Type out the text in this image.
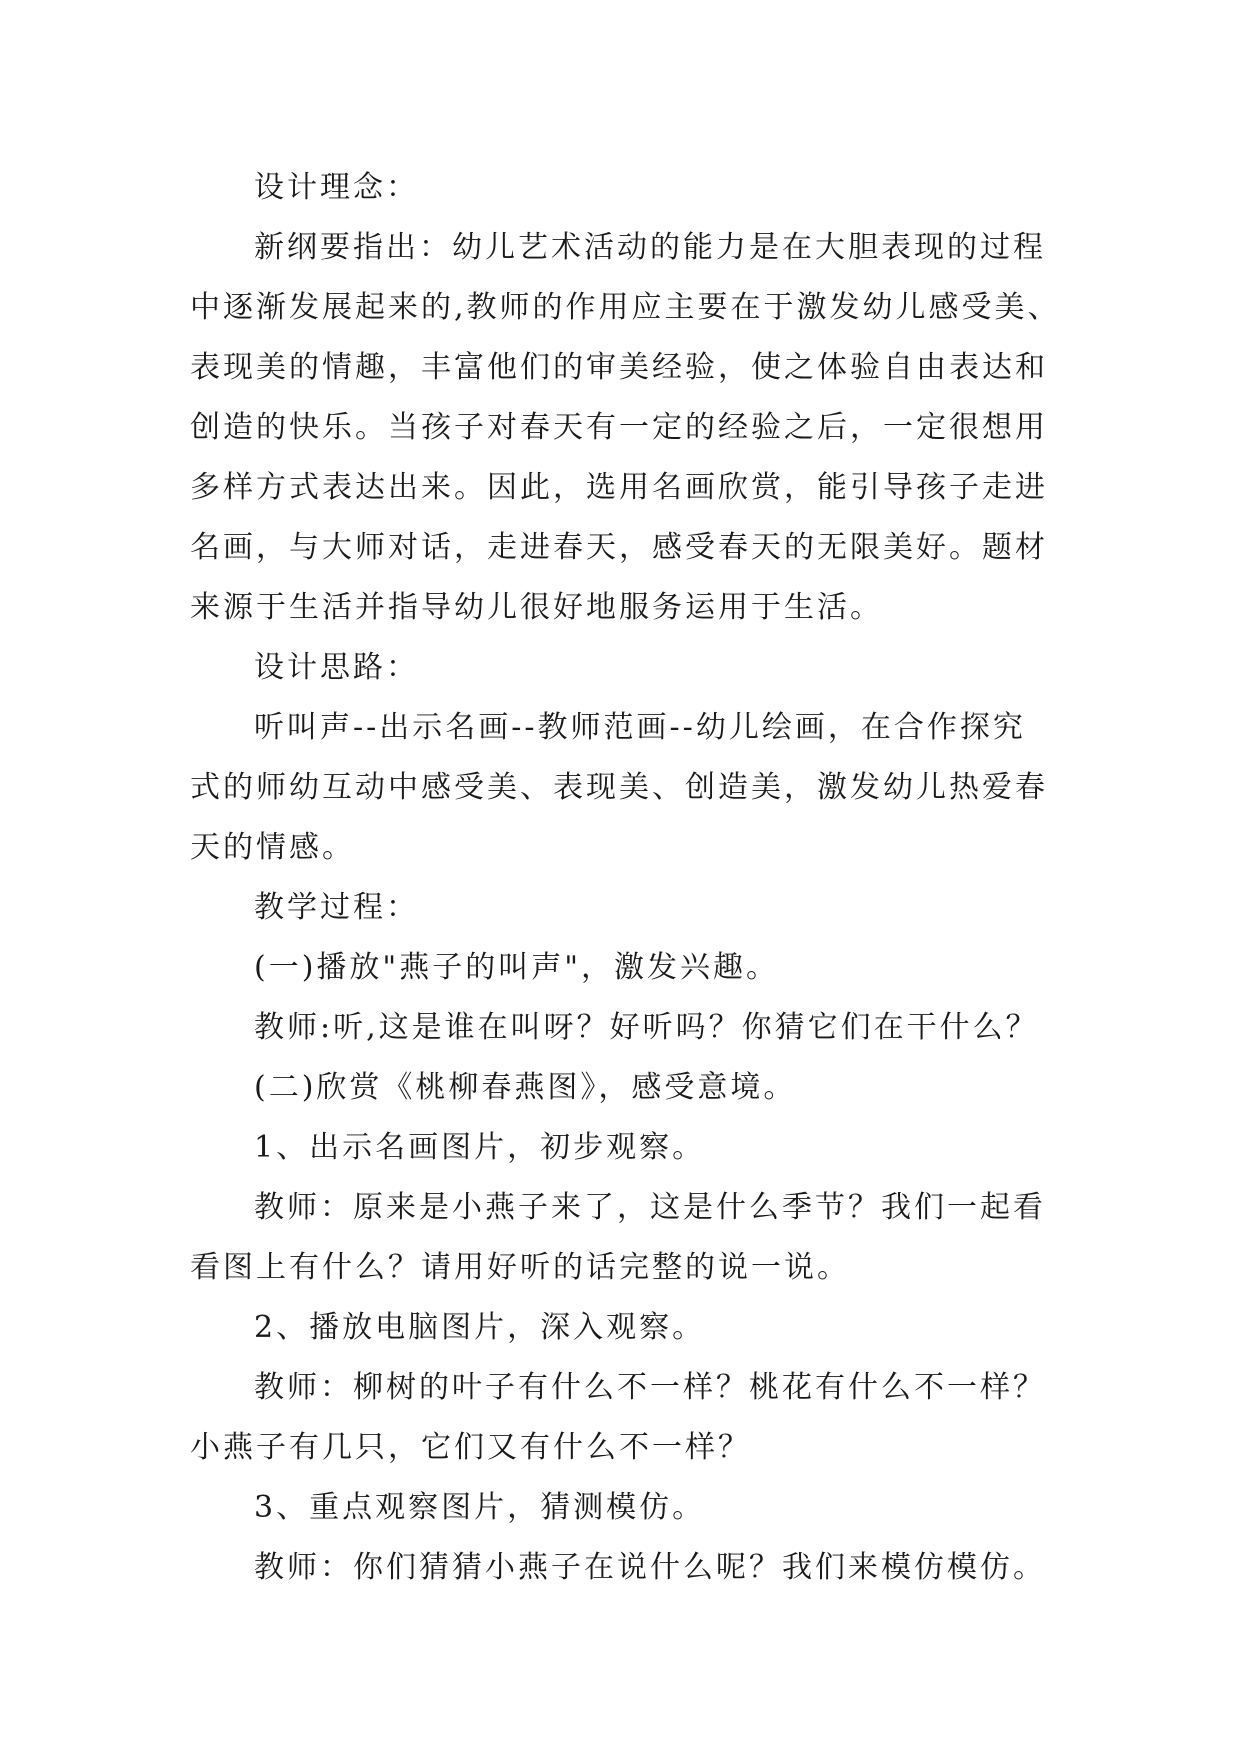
设计理念：
新纲要指出：幼儿艺术活动的能力是在大胆表现的过程
中逐渐发展起来的,教师的作用应主要在于激发幼儿感受美、
表现美的情趣，丰富他们的审美经验，使之体验自由表达和
创造的快乐。当孩子对春天有一定的经验之后，一定很想用
多样方式表达出来。因此，选用名画欣赏，能引导孩子走进
名画，与大师对话，走进春天，感受春天的无限美好。题材
来源于生活并指导幼儿很好地服务运用于生活。
设计思路：
听叫声--出示名画--教师范画--幼儿绘画，在合作探究
式的师幼互动中感受美、表现美、创造美，激发幼儿热爱春
天的情感。
教学过程：
(一)播放"燕子的叫声"，激发兴趣。
教师:听,这是谁在叫呀？好听吗？你猜它们在干什么？
(二)欣赏《桃柳春燕图》，感受意境。
1、出示名画图片，初步观察。
教师：原来是小燕子来了，这是什么季节？我们一起看
看图上有什么？请用好听的话完整的说一说。
2、播放电脑图片，深入观察。
教师：柳树的叶子有什么不一样？桃花有什么不一样？
小燕子有几只，它们又有什么不一样？
3、重点观察图片，猜测模仿。
教师：你们猜猜小燕子在说什么呢？我们来模仿模仿。
